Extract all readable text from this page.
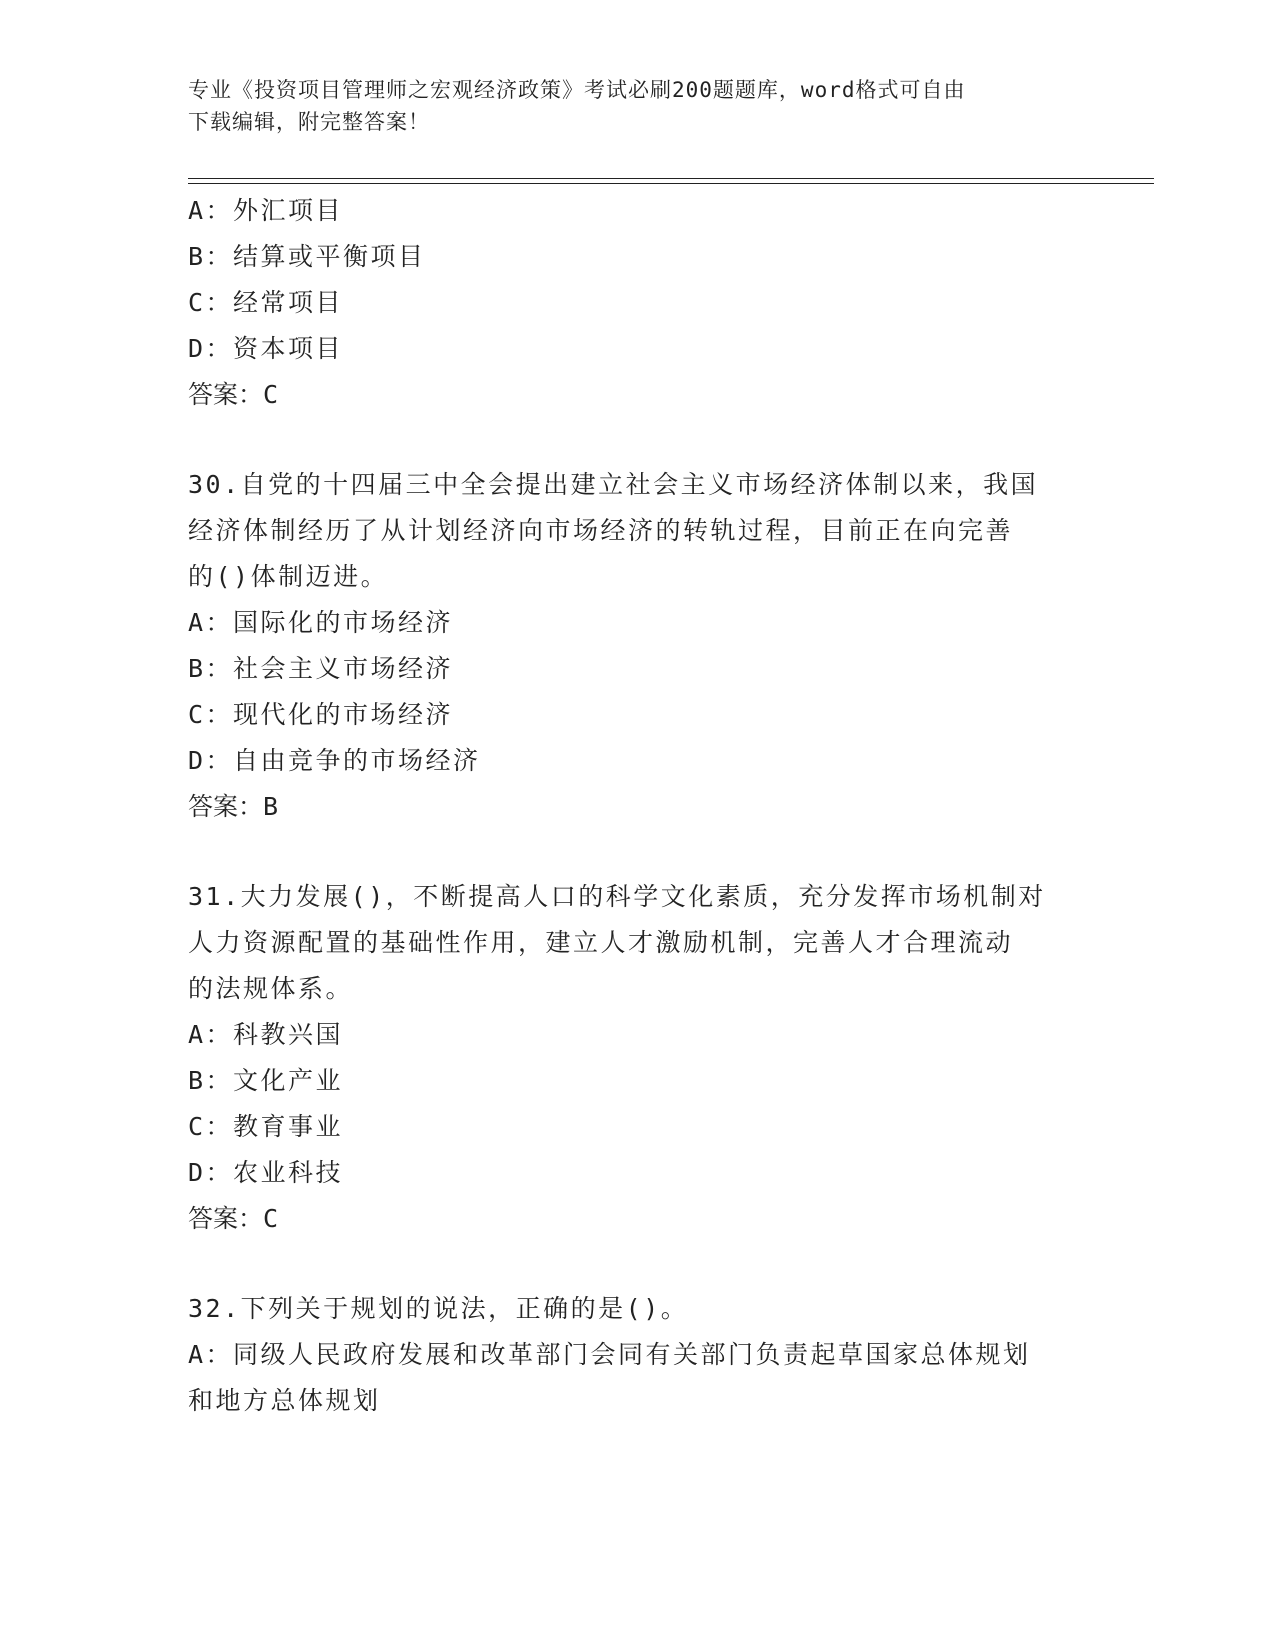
专业《投资项目管理师之宏观经济政策》考试必刷200题题库，word格式可自由
下载编辑，附完整答案！
A：外汇项目
B：结算或平衡项目
C：经常项目
D：资本项目
答案：C
30.自党的十四届三中全会提出建立社会主义市场经济体制以来，我国
经济体制经历了从计划经济向市场经济的转轨过程，目前正在向完善
的()体制迈进。
A：国际化的市场经济
B：社会主义市场经济
C：现代化的市场经济
D：自由竞争的市场经济
答案：B
31.大力发展()，不断提高人口的科学文化素质，充分发挥市场机制对
人力资源配置的基础性作用，建立人才激励机制，完善人才合理流动
的法规体系。
A：科教兴国
B：文化产业
C：教育事业
D：农业科技
答案：C
32.下列关于规划的说法，正确的是()。
A：同级人民政府发展和改革部门会同有关部门负责起草国家总体规划
和地方总体规划
